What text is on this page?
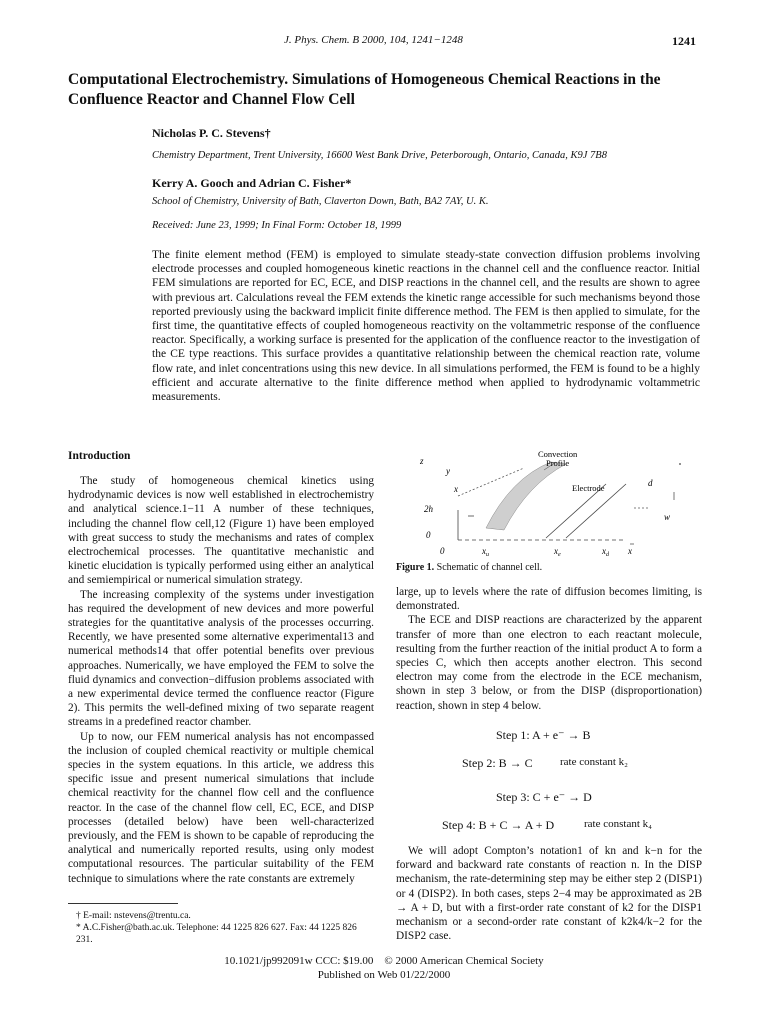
J. Phys. Chem. B 2000, 104, 1241−1248	1241
Computational Electrochemistry. Simulations of Homogeneous Chemical Reactions in the Confluence Reactor and Channel Flow Cell
Nicholas P. C. Stevens†
Chemistry Department, Trent University, 16600 West Bank Drive, Peterborough, Ontario, Canada, K9J 7B8
Kerry A. Gooch and Adrian C. Fisher*
School of Chemistry, University of Bath, Claverton Down, Bath, BA2 7AY, U. K.
Received: June 23, 1999; In Final Form: October 18, 1999
The finite element method (FEM) is employed to simulate steady-state convection diffusion problems involving electrode processes and coupled homogeneous kinetic reactions in the channel cell and the confluence reactor. Initial FEM simulations are reported for EC, ECE, and DISP reactions in the channel cell, and the results are shown to agree with previous art. Calculations reveal the FEM extends the kinetic range accessible for such mechanisms beyond those reported previously using the backward implicit finite difference method. The FEM is then applied to simulate, for the first time, the quantitative effects of coupled homogeneous reactivity on the voltammetric response of the confluence reactor. Specifically, a working surface is presented for the application of the confluence reactor to the investigation of the CE type reactions. This surface provides a quantitative relationship between the chemical reaction rate, volume flow rate, and inlet concentrations using this new device. In all simulations performed, the FEM is found to be a highly efficient and accurate alternative to the finite difference method when applied to hydrodynamic voltammetric measurements.
Introduction

The study of homogeneous chemical kinetics using hydrodynamic devices is now well established in electrochemistry and analytical science.1−11 A number of these techniques, including the channel flow cell,12 (Figure 1) have been employed with great success to study the mechanisms and rates of complex electrochemical processes. The quantitative mechanistic and kinetic elucidation is typically performed using either an analytical and semiempirical or numerical simulation strategy.

The increasing complexity of the systems under investigation has required the development of new devices and more powerful strategies for the quantitative analysis of the processes occurring. Recently, we have presented some alternative experimental13 and numerical methods14 that offer potential benefits over previous approaches. Numerically, we have employed the FEM to solve the fluid dynamics and convection−diffusion problems associated with a new experimental device termed the confluence reactor (Figure 2). This permits the well-defined mixing of two separate reagent streams in a predefined reactor chamber.

Up to now, our FEM numerical analysis has not encompassed the inclusion of coupled chemical reactivity or multiple chemical species in the system equations. In this article, we address this specific issue and present numerical simulations that include chemical reactivity for the channel flow cell and the confluence reactor. In the case of the channel flow cell, EC, ECE, and DISP processes (detailed below) have been well-characterized previously, and the FEM is shown to be capable of reproducing the analytical and numerically reported results, using only modest computational resources. The particular suitability of the FEM technique to simulations where the rate constants are extremely

z
y
x
Convection
Profile
Electrode	d
w
2h
0
0	$x_u$	$x_e$	$x_d$ x
Figure 1. Schematic of channel cell.

large, up to levels where the rate of diffusion becomes limiting, is demonstrated.

The ECE and DISP reactions are characterized by the apparent transfer of more than one electron to each reactant molecule, resulting from the further reaction of the initial product A to form a species C, which then accepts another electron. This second electron may come from the electrode in the ECE mechanism, shown in step 3 below, or from the DISP (disproportionation) reaction, shown in step 4 below.

Step 1: A + e⁻ → B
Step 2: B → C rate constant k₂
Step 3: C + e⁻ → D
Step 4: B + C → A + D	rate constant k₄

We will adopt Compton’s notation1 of kn and k−n for the forward and backward rate constants of reaction n. In the DISP mechanism, the rate-determining step may be either step 2 (DISP1) or 4 (DISP2). In both cases, steps 2−4 may be approximated as 2B → A + D, but with a first-order rate constant of k2 for the DISP1 mechanism or a second-order rate constant of k2k4/k−2 for the DISP2 case.

† E-mail: nstevens@trentu.ca.
* A.C.Fisher@bath.ac.uk. Telephone: 44 1225 826 627. Fax: 44 1225 826 231.
10.1021/jp992091w CCC: $19.00    © 2000 American Chemical Society
Published on Web 01/22/2000
